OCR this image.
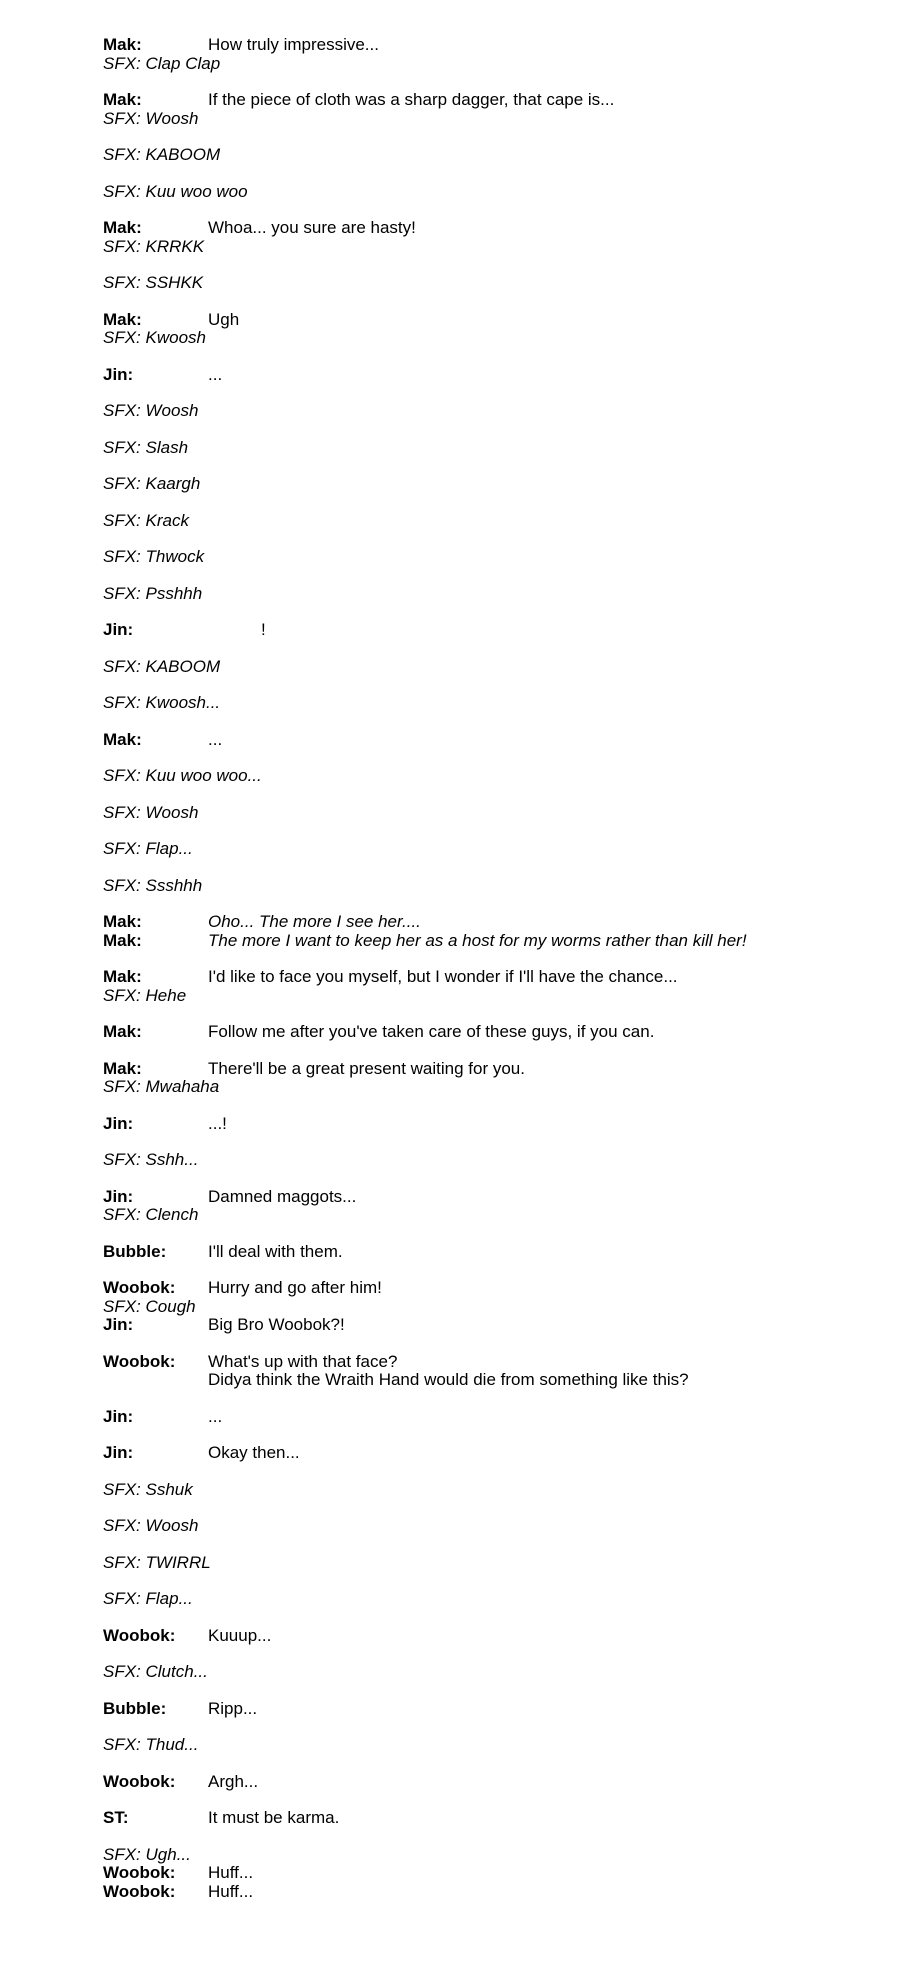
Mak:	How truly impressive...
SFX: Clap Clap
Mak:	If the piece of cloth was a sharp dagger, that cape is...
SFX: Woosh
SFX: KABOOM
SFX: Kuu woo woo
Mak:	Whoa... you sure are hasty!
SFX: KRRKK
SFX: SSHKK
Mak:	Ugh
SFX: Kwoosh
Jin:	...
SFX: Woosh
SFX: Slash
SFX: Kaargh
SFX: Krack
SFX: Thwock
SFX: Psshhh
Jin:	!
SFX: KABOOM
SFX: Kwoosh...
Mak:	...
SFX: Kuu woo woo...
SFX: Woosh
SFX: Flap...
SFX: Ssshhh
Mak:	Oho... The more I see her....
Mak:	The more I want to keep her as a host for my worms rather than kill her!
Mak:	I'd like to face you myself, but I wonder if I'll have the chance...
SFX: Hehe
Mak:	Follow me after you've taken care of these guys, if you can.
Mak:	There'll be a great present waiting for you.
SFX: Mwahaha
Jin:	...!
SFX: Sshh...
Jin:	Damned maggots...
SFX: Clench
Bubble:	I'll deal with them.
Woobok:	Hurry and go after him!
SFX: Cough
Jin:	Big Bro Woobok?!
Woobok:	What's up with that face?
Didya think the Wraith Hand would die from something like this?
Jin:	...
Jin:	Okay then...
SFX: Sshuk
SFX: Woosh
SFX: TWIRRL
SFX: Flap...
Woobok:	Kuuup...
SFX: Clutch...
Bubble:	Ripp...
SFX: Thud...
Woobok:	Argh...
ST:	It must be karma.
SFX: Ugh...
Woobok:	Huff...
Woobok:	Huff...
